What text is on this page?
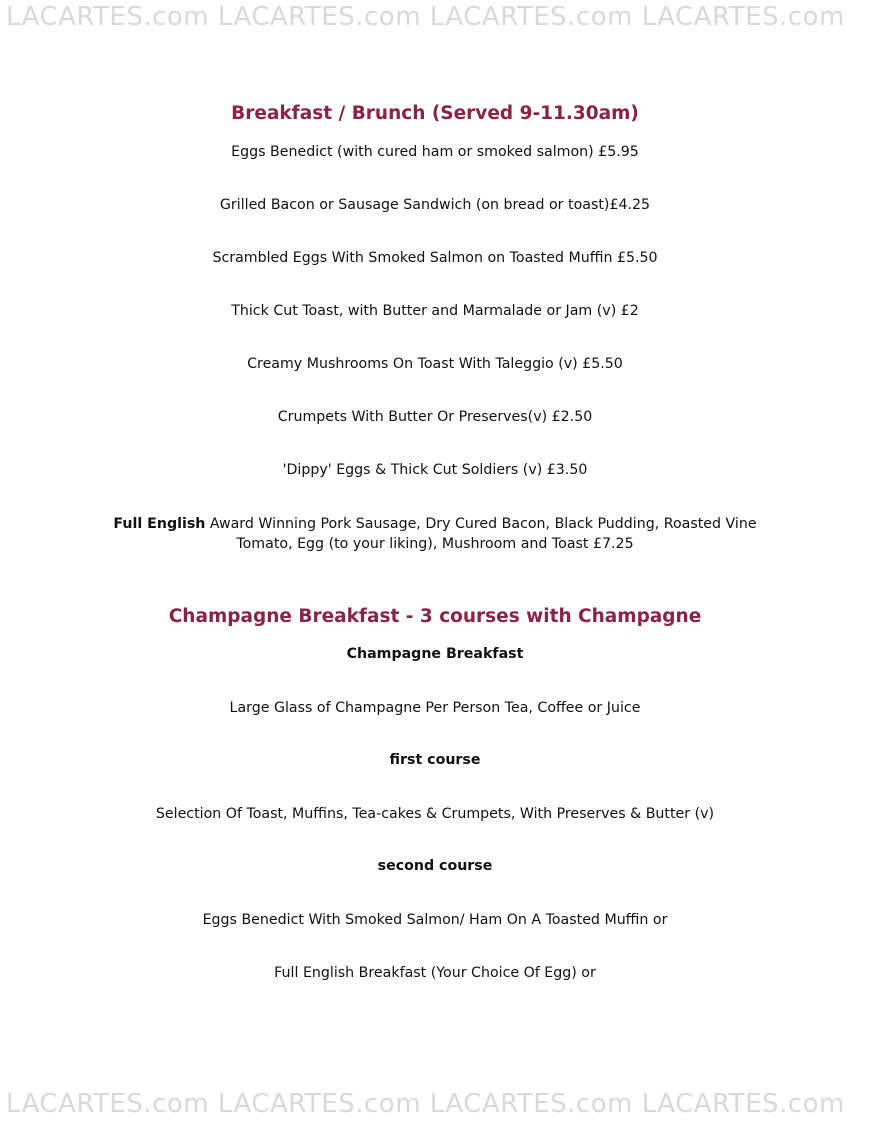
LACARTES.com LACARTES.com LACARTES.com LACARTES.com
Breakfast / Brunch (Served 9-11.30am)
Eggs Benedict (with cured ham or smoked salmon) £5.95
Grilled Bacon or Sausage Sandwich (on bread or toast)£4.25
Scrambled Eggs With Smoked Salmon on Toasted Muffin £5.50
Thick Cut Toast, with Butter and Marmalade or Jam (v) £2
Creamy Mushrooms On Toast With Taleggio (v) £5.50
Crumpets With Butter Or Preserves(v) £2.50
'Dippy' Eggs & Thick Cut Soldiers (v) £3.50
Full English Award Winning Pork Sausage, Dry Cured Bacon, Black Pudding, Roasted Vine
Tomato, Egg (to your liking), Mushroom and Toast £7.25
Champagne Breakfast - 3 courses with Champagne
Champagne Breakfast
Large Glass of Champagne Per Person Tea, Coffee or Juice
first course
Selection Of Toast, Muffins, Tea-cakes & Crumpets, With Preserves & Butter (v)
second course
Eggs Benedict With Smoked Salmon/ Ham On A Toasted Muffin or
Full English Breakfast (Your Choice Of Egg) or
LACARTES.com LACARTES.com LACARTES.com LACARTES.com
